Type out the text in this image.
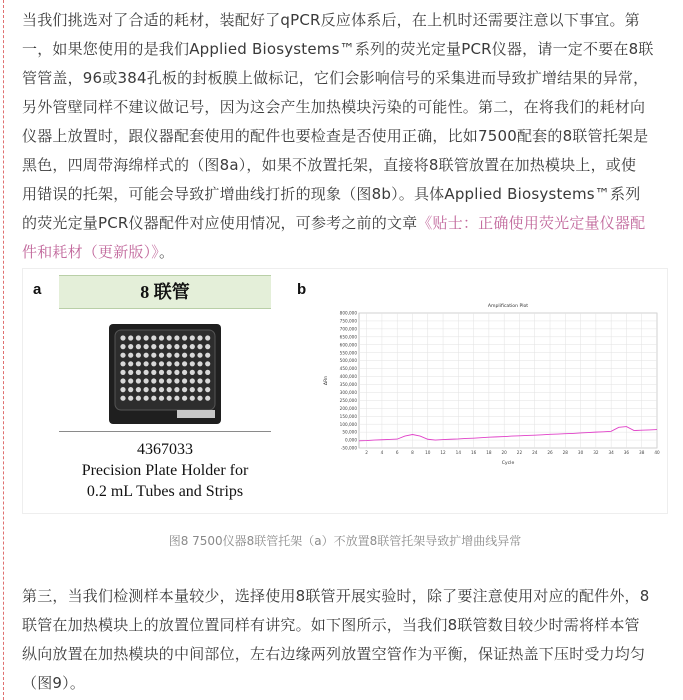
当我们挑选对了合适的耗材，装配好了qPCR反应体系后，在上机时还需要注意以下事宜。第
一，如果您使用的是我们Applied Biosystems™系列的荧光定量PCR仪器，请一定不要在8联
管管盖，96或384孔板的封板膜上做标记，它们会影响信号的采集进而导致扩增结果的异常，
另外管壁同样不建议做记号，因为这会产生加热模块污染的可能性。第二，在将我们的耗材向
仪器上放置时，跟仪器配套使用的配件也要检查是否使用正确，比如7500配套的8联管托架是
黑色，四周带海绵样式的（图8a），如果不放置托架，直接将8联管放置在加热模块上，或使
用错误的托架，可能会导致扩增曲线打折的现象（图8b）。具体Applied Biosystems™系列
的荧光定量PCR仪器配件对应使用情况，可参考之前的文章《贴士：正确使用荧光定量仪器配
件和耗材（更新版）》。
a	8 联管
4367033
Precision Plate Holder for
0.2 mL Tubes and Strips
b
-50,000
0,000
50,000
100,000
150,000
200,000
250,000
300,000
350,000
400,000
450,000
500,000
550,000
600,000
650,000
700,000
750,000
800,000
2	4	6	8	10 12 14 16 18 20 22 24 26 28 30 32 34 36 38 40
Amplification Plot
Cycle
ΔRn
图8 7500仪器8联管托架（a）不放置8联管托架导致扩增曲线异常
第三，当我们检测样本量较少，选择使用8联管开展实验时，除了要注意使用对应的配件外，8
联管在加热模块上的放置位置同样有讲究。如下图所示，当我们8联管数目较少时需将样本管
纵向放置在加热模块的中间部位，左右边缘两列放置空管作为平衡，保证热盖下压时受力均匀
（图9）。
